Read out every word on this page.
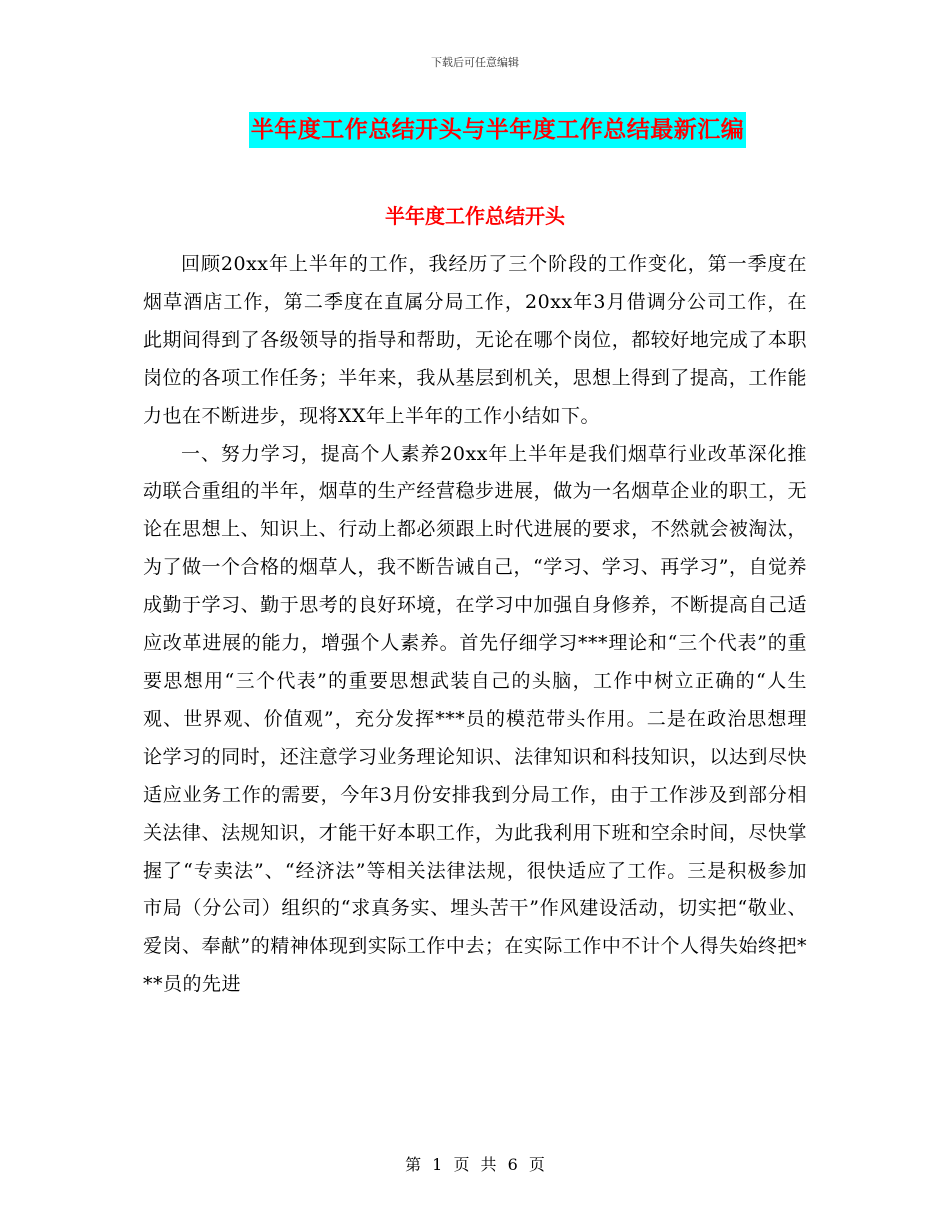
下载后可任意编辑
半年度工作总结开头与半年度工作总结最新汇编
半年度工作总结开头

回顾20xx年上半年的工作，我经历了三个阶段的工作变化，第一季度在烟草酒店工作，第二季度在直属分局工作，20xx年3月借调分公司工作，在此期间得到了各级领导的指导和帮助，无论在哪个岗位，都较好地完成了本职岗位的各项工作任务；半年来，我从基层到机关，思想上得到了提高，工作能力也在不断进步，现将XX年上半年的工作小结如下。

一、努力学习，提高个人素养20xx年上半年是我们烟草行业改革深化推动联合重组的半年，烟草的生产经营稳步进展，做为一名烟草企业的职工，无论在思想上、知识上、行动上都必须跟上时代进展的要求，不然就会被淘汰，为了做一个合格的烟草人，我不断告诫自己，“学习、学习、再学习”，自觉养成勤于学习、勤于思考的良好环境，在学习中加强自身修养，不断提高自己适应改革进展的能力，增强个人素养。首先仔细学习***理论和“三个代表”的重要思想用“三个代表”的重要思想武装自己的头脑，工作中树立正确的“人生观、世界观、价值观”，充分发挥***员的模范带头作用。二是在政治思想理论学习的同时，还注意学习业务理论知识、法律知识和科技知识，以达到尽快适应业务工作的需要，今年3月份安排我到分局工作，由于工作涉及到部分相关法律、法规知识，才能干好本职工作，为此我利用下班和空余时间，尽快掌握了“专卖法”、“经济法”等相关法律法规，很快适应了工作。三是积极参加市局（分公司）组织的“求真务实、埋头苦干”作风建设活动，切实把“敬业、爱岗、奉献”的精神体现到实际工作中去；在实际工作中不计个人得失始终把***员的先进

第 1 页 共 6 页
